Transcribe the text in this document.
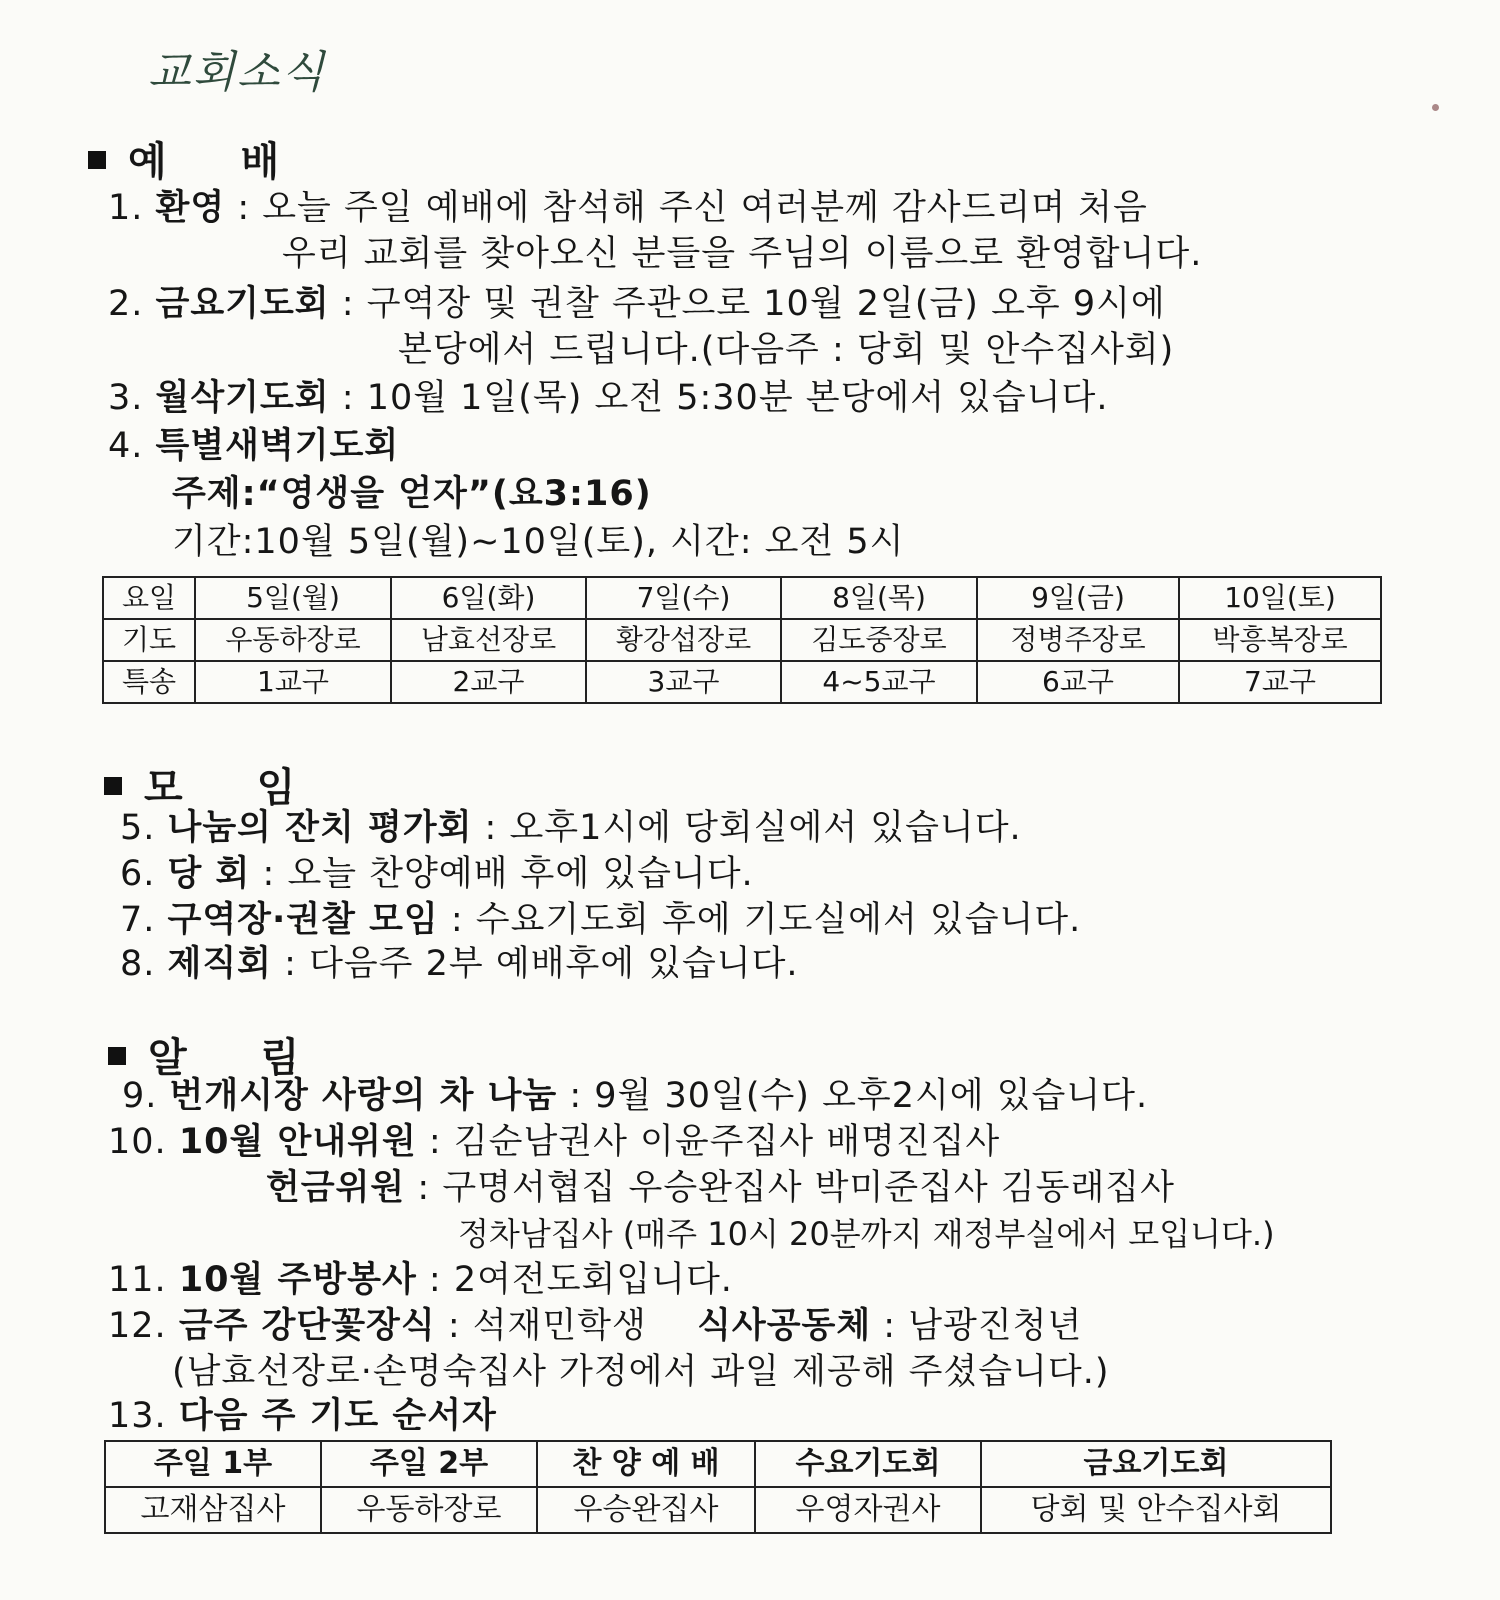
교회소식
예 배
1. 환영 : 오늘 주일 예배에 참석해 주신 여러분께 감사드리며 처음
우리 교회를 찾아오신 분들을 주님의 이름으로 환영합니다.
2. 금요기도회 : 구역장 및 권찰 주관으로 10월 2일(금) 오후 9시에
본당에서 드립니다.(다음주 : 당회 및 안수집사회)
3. 월삭기도회 : 10월 1일(목) 오전 5:30분 본당에서 있습니다.
4. 특별새벽기도회
주제:“영생을 얻자”(요3:16)
기간:10월 5일(월)~10일(토), 시간: 오전 5시
요일	5일(월)	6일(화)	7일(수)	8일(목)	9일(금)	10일(토)
기도	우동하장로	남효선장로	황강섭장로	김도중장로	정병주장로	박흥복장로
특송	1교구	2교구	3교구	4~5교구	6교구	7교구
모 임
5. 나눔의 잔치 평가회 : 오후1시에 당회실에서 있습니다.
6. 당 회 : 오늘 찬양예배 후에 있습니다.
7. 구역장·권찰 모임 : 수요기도회 후에 기도실에서 있습니다.
8. 제직회 : 다음주 2부 예배후에 있습니다.
알 림
9. 번개시장 사랑의 차 나눔 : 9월 30일(수) 오후2시에 있습니다.
10. 10월 안내위원 : 김순남권사 이윤주집사 배명진집사
헌금위원 : 구명서협집 우승완집사 박미준집사 김동래집사
정차남집사 (매주 10시 20분까지 재정부실에서 모입니다.)
11. 10월 주방봉사 : 2여전도회입니다.
12. 금주 강단꽃장식 : 석재민학생 식사공동체 : 남광진청년
(남효선장로·손명숙집사 가정에서 과일 제공해 주셨습니다.)
13. 다음 주 기도 순서자
주일 1부	주일 2부	찬 양 예 배	수요기도회	금요기도회
고재삼집사	우동하장로	우승완집사	우영자권사	당회 및 안수집사회
